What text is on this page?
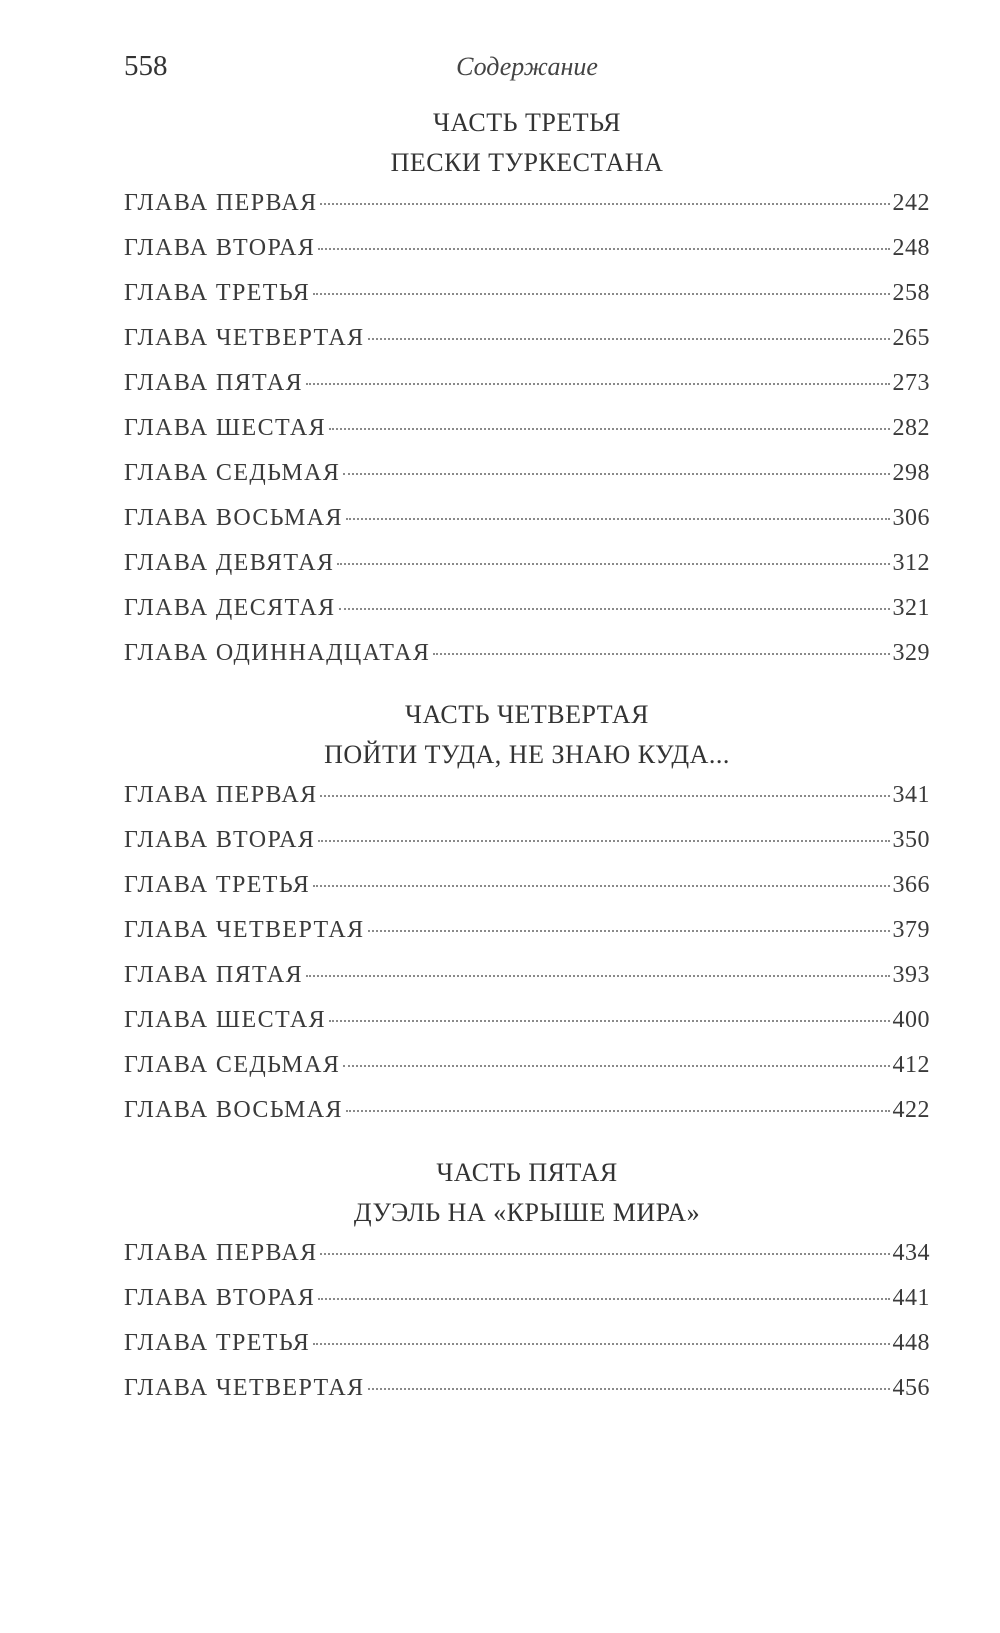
558	Содержание
ЧАСТЬ ТРЕТЬЯ
ПЕСКИ ТУРКЕСТАНА
ГЛАВА ПЕРВАЯ	242
ГЛАВА ВТОРАЯ	248
ГЛАВА ТРЕТЬЯ	258
ГЛАВА ЧЕТВЕРТАЯ	265
ГЛАВА ПЯТАЯ	273
ГЛАВА ШЕСТАЯ	282
ГЛАВА СЕДЬМАЯ	298
ГЛАВА ВОСЬМАЯ	306
ГЛАВА ДЕВЯТАЯ	312
ГЛАВА ДЕСЯТАЯ	321
ГЛАВА ОДИННАДЦАТАЯ	329
ЧАСТЬ ЧЕТВЕРТАЯ
ПОЙТИ ТУДА, НЕ ЗНАЮ КУДА...
ГЛАВА ПЕРВАЯ	341
ГЛАВА ВТОРАЯ	350
ГЛАВА ТРЕТЬЯ	366
ГЛАВА ЧЕТВЕРТАЯ	379
ГЛАВА ПЯТАЯ	393
ГЛАВА ШЕСТАЯ	400
ГЛАВА СЕДЬМАЯ	412
ГЛАВА ВОСЬМАЯ	422
ЧАСТЬ ПЯТАЯ
ДУЭЛЬ НА «КРЫШЕ МИРА»
ГЛАВА ПЕРВАЯ	434
ГЛАВА ВТОРАЯ	441
ГЛАВА ТРЕТЬЯ	448
ГЛАВА ЧЕТВЕРТАЯ	456
